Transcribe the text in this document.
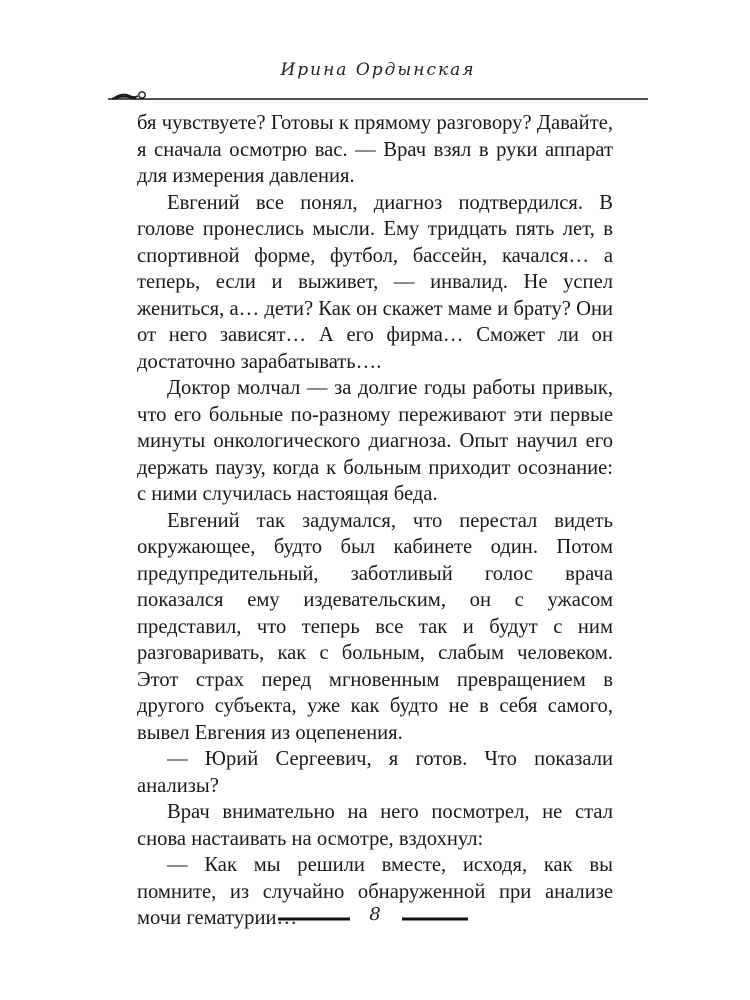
Ирина Ордынская

бя чувствуете? Готовы к прямому разговору? Давайте, я сначала осмотрю вас. — Врач взял в руки аппарат для измерения давления.

Евгений все понял, диагноз подтвердился. В голове пронеслись мысли. Ему тридцать пять лет, в спортивной форме, футбол, бассейн, качался… а теперь, если и выживет, — инвалид. Не успел жениться, а… дети? Как он скажет маме и брату? Они от него зависят… А его фирма… Сможет ли он достаточно зарабатывать….

Доктор молчал — за долгие годы работы привык, что его больные по-разному переживают эти первые минуты онкологического диагноза. Опыт научил его держать паузу, когда к больным приходит осознание: с ними случилась настоящая беда.

Евгений так задумался, что перестал видеть окружающее, будто был кабинете один. Потом предупредительный, заботливый голос врача показался ему издевательским, он с ужасом представил, что теперь все так и будут с ним разговаривать, как с больным, слабым человеком. Этот страх перед мгновенным превращением в другого субъекта, уже как будто не в себя самого, вывел Евгения из оцепенения.

— Юрий Сергеевич, я готов. Что показали анализы?

Врач внимательно на него посмотрел, не стал снова настаивать на осмотре, вздохнул:

— Как мы решили вместе, исходя, как вы помните, из случайно обнаруженной при анализе мочи гематурии…	8
